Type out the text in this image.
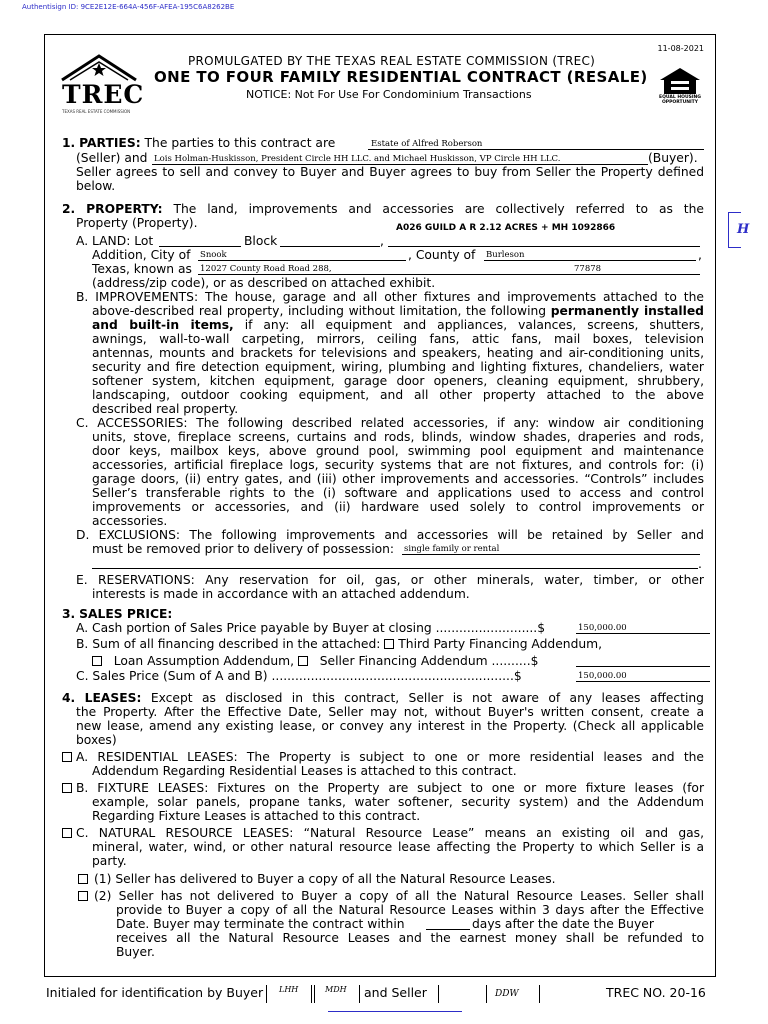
Authentisign ID: 9CE2E12E-664A-456F-AFEA-195C6A8262BE
TREC
TEXAS REAL ESTATE COMMISSION
11-08-2021
PROMULGATED BY THE TEXAS REAL ESTATE COMMISSION (TREC)
ONE TO FOUR FAMILY RESIDENTIAL CONTRACT (RESALE)
NOTICE: Not For Use For Condominium Transactions	EQUAL HOUSING OPPORTUNITY
1. PARTIES: The parties to this contract are	Estate of Alfred Roberson
(Seller) and Lois Holman-Huskisson, President Circle HH LLC. and Michael Huskisson, VP Circle HH LLC.	(Buyer).
Seller agrees to sell and convey to Buyer and Buyer agrees to buy from Seller the Property defined
below.
2. PROPERTY: The land, improvements and accessories are collectively referred to as the
Property (Property).	A026 GUILD A R 2.12 ACRES + MH 1092866
A. LAND: Lot	Block	,
Addition, City of Snook	, County of Burleson	,
Texas, known as 12027 County Road Road 288,	77878
(address/zip code), or as described on attached exhibit.
B. IMPROVEMENTS: The house, garage and all other fixtures and improvements attached to the
above-described real property, including without limitation, the following permanently installed
and built-in items, if any: all equipment and appliances, valances, screens, shutters,
awnings, wall-to-wall carpeting, mirrors, ceiling fans, attic fans, mail boxes, television
antennas, mounts and brackets for televisions and speakers, heating and air-conditioning units,
security and fire detection equipment, wiring, plumbing and lighting fixtures, chandeliers, water
softener system, kitchen equipment, garage door openers, cleaning equipment, shrubbery,
landscaping, outdoor cooking equipment, and all other property attached to the above
described real property.
C. ACCESSORIES: The following described related accessories, if any: window air conditioning
units, stove, fireplace screens, curtains and rods, blinds, window shades, draperies and rods,
door keys, mailbox keys, above ground pool, swimming pool equipment and maintenance
accessories, artificial fireplace logs, security systems that are not fixtures, and controls for: (i)
garage doors, (ii) entry gates, and (iii) other improvements and accessories. “Controls” includes
Seller’s transferable rights to the (i) software and applications used to access and control
improvements or accessories, and (ii) hardware used solely to control improvements or
accessories.
D. EXCLUSIONS: The following improvements and accessories will be retained by Seller and
must be removed prior to delivery of possession: single family or rental
.
E. RESERVATIONS: Any reservation for oil, gas, or other minerals, water, timber, or other
interests is made in accordance with an attached addendum.
3. SALES PRICE:
A. Cash portion of Sales Price payable by Buyer at closing ..........................$	150,000.00
B. Sum of all financing described in the attached: Third Party Financing Addendum,
Loan Assumption Addendum, Seller Financing Addendum ..........$
C. Sales Price (Sum of A and B) ..............................................................$	150,000.00
4. LEASES: Except as disclosed in this contract, Seller is not aware of any leases affecting
the Property. After the Effective Date, Seller may not, without Buyer's written consent, create a
new lease, amend any existing lease, or convey any interest in the Property. (Check all applicable
boxes)
A. RESIDENTIAL LEASES: The Property is subject to one or more residential leases and the
Addendum Regarding Residential Leases is attached to this contract.
B. FIXTURE LEASES: Fixtures on the Property are subject to one or more fixture leases (for
example, solar panels, propane tanks, water softener, security system) and the Addendum
Regarding Fixture Leases is attached to this contract.
C. NATURAL RESOURCE LEASES: “Natural Resource Lease” means an existing oil and gas,
mineral, water, wind, or other natural resource lease affecting the Property to which Seller is a
party.
(1) Seller has delivered to Buyer a copy of all the Natural Resource Leases.
(2) Seller has not delivered to Buyer a copy of all the Natural Resource Leases. Seller shall
provide to Buyer a copy of all the Natural Resource Leases within 3 days after the Effective
Date. Buyer may terminate the contract within	days after the date the Buyer
receives all the Natural Resource Leases and the earnest money shall be refunded to
Buyer.
Initialed for identification by Buyer LHH	MDH and Seller	DDW	TREC NO. 20-16
H
